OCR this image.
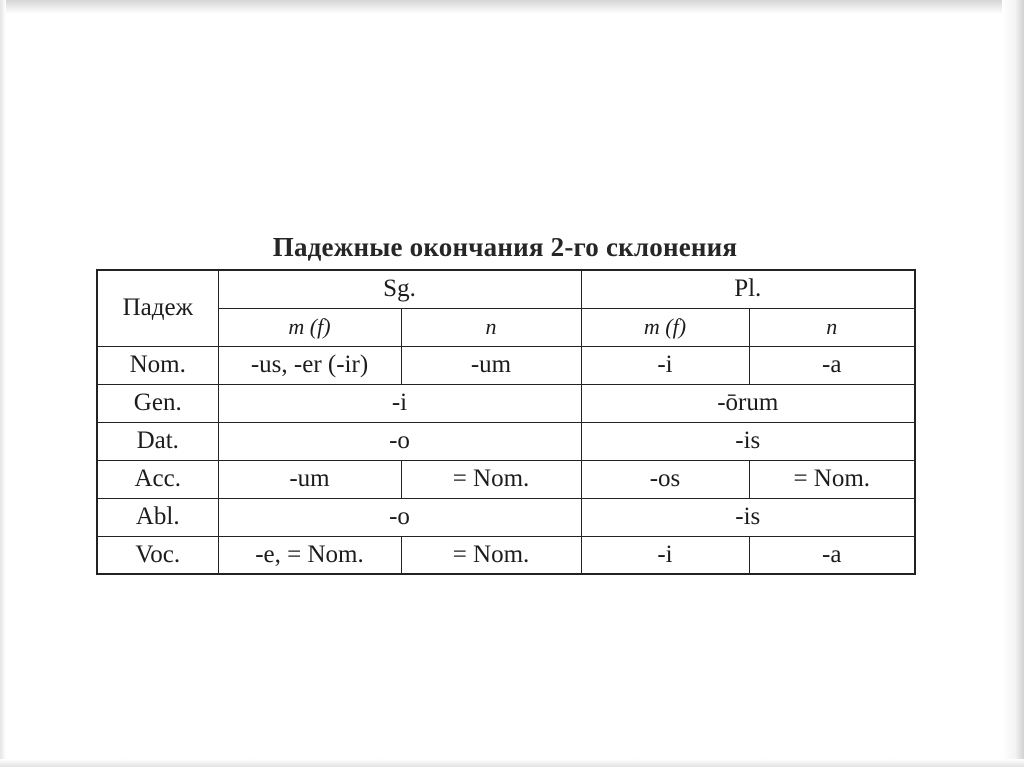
Падежные окончания 2-го склонения
Падеж	Sg.		Pl.	
	m (f)	n	m (f)	n
Nom.	-us, -er (-ir)	-um	-i	-a
Gen.	-i		-ōrum	
Dat.	-o		-is	
Acc.	-um	= Nom.	-os	= Nom.
Abl.	-o		-is	
Voc.	-e, = Nom.	= Nom.	-i	-a
